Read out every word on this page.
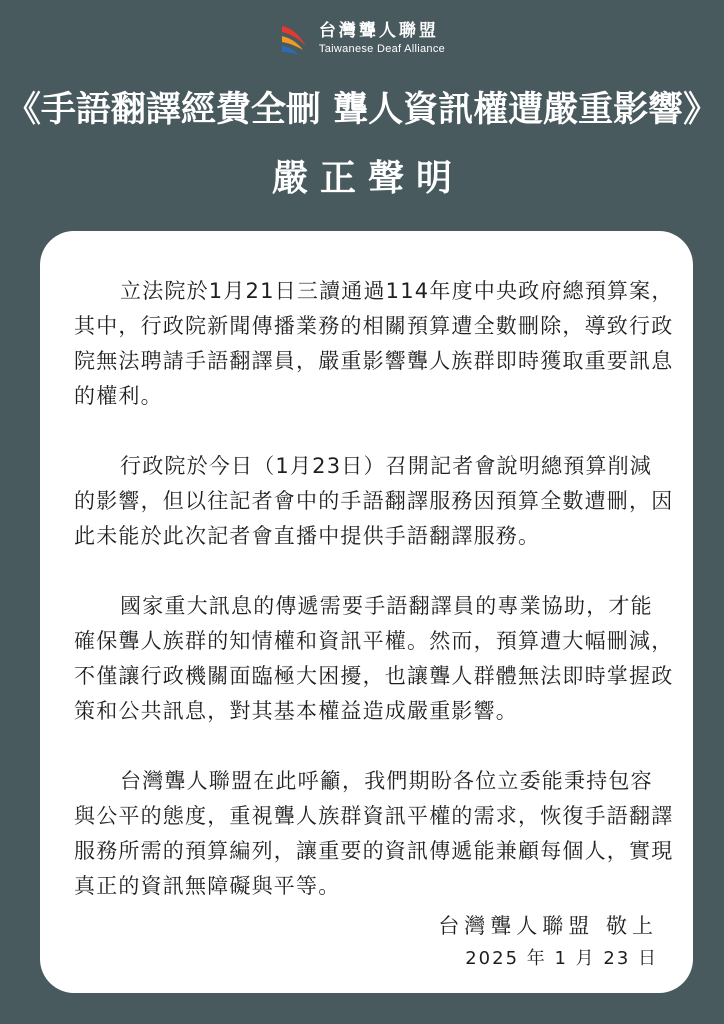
台灣聾人聯盟
Taiwanese Deaf Alliance
《手語翻譯經費全刪 聾人資訊權遭嚴重影響》
嚴正聲明

立法院於1月21日三讀通過114年度中央政府總預算案，其中，行政院新聞傳播業務的相關預算遭全數刪除，導致行政院無法聘請手語翻譯員，嚴重影響聾人族群即時獲取重要訊息的權利。

行政院於今日（1月23日）召開記者會說明總預算削減的影響，但以往記者會中的手語翻譯服務因預算全數遭刪，因此未能於此次記者會直播中提供手語翻譯服務。

國家重大訊息的傳遞需要手語翻譯員的專業協助，才能確保聾人族群的知情權和資訊平權。然而，預算遭大幅刪減，不僅讓行政機關面臨極大困擾，也讓聾人群體無法即時掌握政策和公共訊息，對其基本權益造成嚴重影響。

台灣聾人聯盟在此呼籲，我們期盼各位立委能秉持包容與公平的態度，重視聾人族群資訊平權的需求，恢復手語翻譯服務所需的預算編列，讓重要的資訊傳遞能兼顧每個人，實現真正的資訊無障礙與平等。

台灣聾人聯盟 敬上
2025 年 1 月 23 日
